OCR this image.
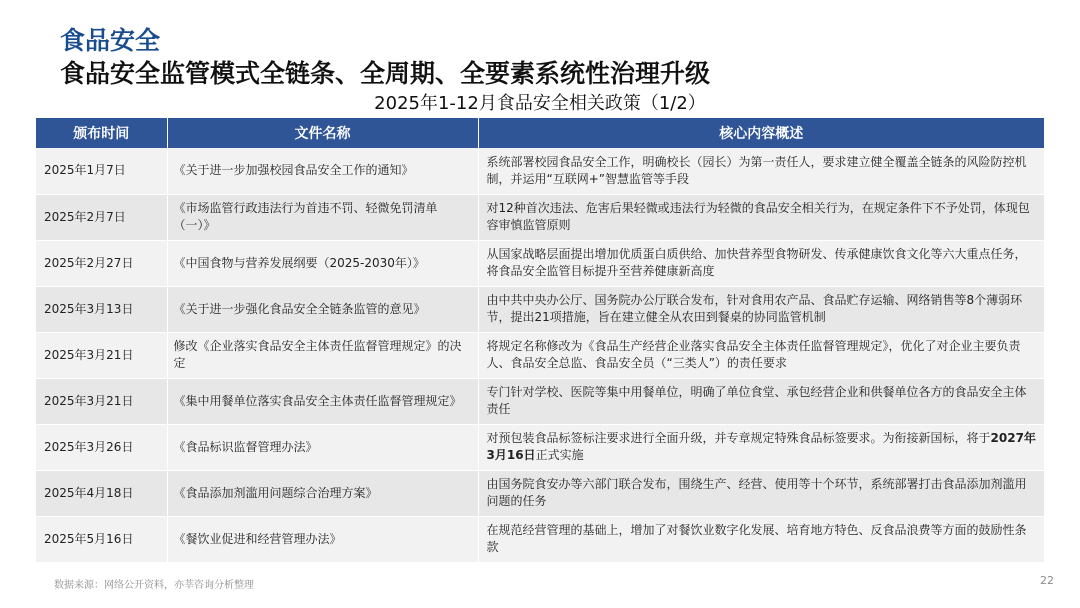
食品安全
食品安全监管模式全链条、全周期、全要素系统性治理升级
2025年1-12月食品安全相关政策（1/2）
颁布时间	文件名称	核心内容概述
2025年1月7日	《关于进一步加强校园食品安全工作的通知》	系统部署校园食品安全工作，明确校长（园长）为第一责任人，要求建立健全覆盖全链条的风险防控机制，并运用“互联网+”智慧监管等手段
2025年2月7日	《市场监管行政违法行为首违不罚、轻微免罚清单（一）》	对12种首次违法、危害后果轻微或违法行为轻微的食品安全相关行为，在规定条件下不予处罚，体现包容审慎监管原则
2025年2月27日	《中国食物与营养发展纲要（2025-2030年）》	从国家战略层面提出增加优质蛋白质供给、加快营养型食物研发、传承健康饮食文化等六大重点任务，将食品安全监管目标提升至营养健康新高度
2025年3月13日	《关于进一步强化食品安全全链条监管的意见》	由中共中央办公厅、国务院办公厅联合发布，针对食用农产品、食品贮存运输、网络销售等8个薄弱环节，提出21项措施，旨在建立健全从农田到餐桌的协同监管机制
2025年3月21日	修改《企业落实食品安全主体责任监督管理规定》的决定	将规定名称修改为《食品生产经营企业落实食品安全主体责任监督管理规定》，优化了对企业主要负责人、食品安全总监、食品安全员（“三类人”）的责任要求
2025年3月21日	《集中用餐单位落实食品安全主体责任监督管理规定》	专门针对学校、医院等集中用餐单位，明确了单位食堂、承包经营企业和供餐单位各方的食品安全主体责任
2025年3月26日	《食品标识监督管理办法》	对预包装食品标签标注要求进行全面升级，并专章规定特殊食品标签要求。为衔接新国标，将于2027年3月16日正式实施
2025年4月18日	《食品添加剂滥用问题综合治理方案》	由国务院食安办等六部门联合发布，围绕生产、经营、使用等十个环节，系统部署打击食品添加剂滥用问题的任务
2025年5月16日	《餐饮业促进和经营管理办法》	在规范经营管理的基础上，增加了对餐饮业数字化发展、培育地方特色、反食品浪费等方面的鼓励性条款
数据来源：网络公开资料，亦莘咨询分析整理	22
